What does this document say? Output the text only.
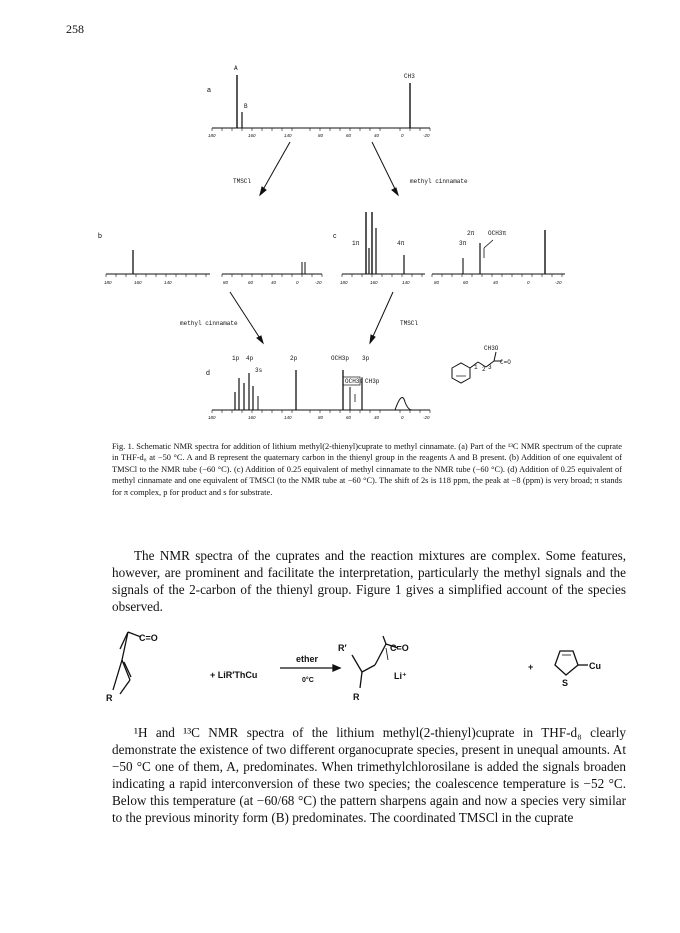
258
a
b	c
d
A
B
CH3
180	160	140	80	60	40	0	-20
TMSCl	methyl cinnamate
180	160	140	80	60	40	0	-20
1π	4π
2π
3π
OCH3π
180	160	140	80	60	40	0	-20
methyl cinnamate	TMSCl
1p 4p	2p
3s
OCH3p 3p
OCH3s CH3p
180	160	140	80	60	40	0	-20
CH3O
C=O
1 2 3
Fig. 1. Schematic NMR spectra for addition of lithium methyl(2-thienyl)cuprate to methyl cinnamate. (a) Part of the ¹³C NMR spectrum of the cuprate in THF-d₈ at −50 °C. A and B represent the quaternary carbon in the thienyl group in the reagents A and B present. (b) Addition of one equivalent of TMSCl to the NMR tube (−60 °C). (c) Addition of 0.25 equivalent of methyl cinnamate to the NMR tube (−60 °C). (d) Addition of 0.25 equivalent of methyl cinnamate and one equivalent of TMSCl (to the NMR tube at −60 °C). The shift of 2s is 118 ppm, the peak at −8 (ppm) is very broad; π stands for π complex, p for product and s for substrate.

The NMR spectra of the cuprates and the reaction mixtures are complex. Some features, however, are prominent and facilitate the interpretation, particularly the methyl signals and the signals of the 2-carbon of the thienyl group. Figure 1 gives a simplified account of the species observed.

C=O
+ LiR′ThCu
ether
0°C
R′
R	R
C=O
Li⁺
+
S
Cu

¹H and ¹³C NMR spectra of the lithium methyl(2-thienyl)cuprate in THF-d₈ clearly demonstrate the existence of two different organocuprate species, present in unequal amounts. At −50 °C one of them, A, predominates. When trimethylchlorosilane is added the signals broaden indicating a rapid interconversion of these two species; the coalescence temperature is −52 °C. Below this temperature (at −60/68 °C) the pattern sharpens again and now a species very similar to the previous minority form (B) predominates. The coordinated TMSCl in the cuprate
